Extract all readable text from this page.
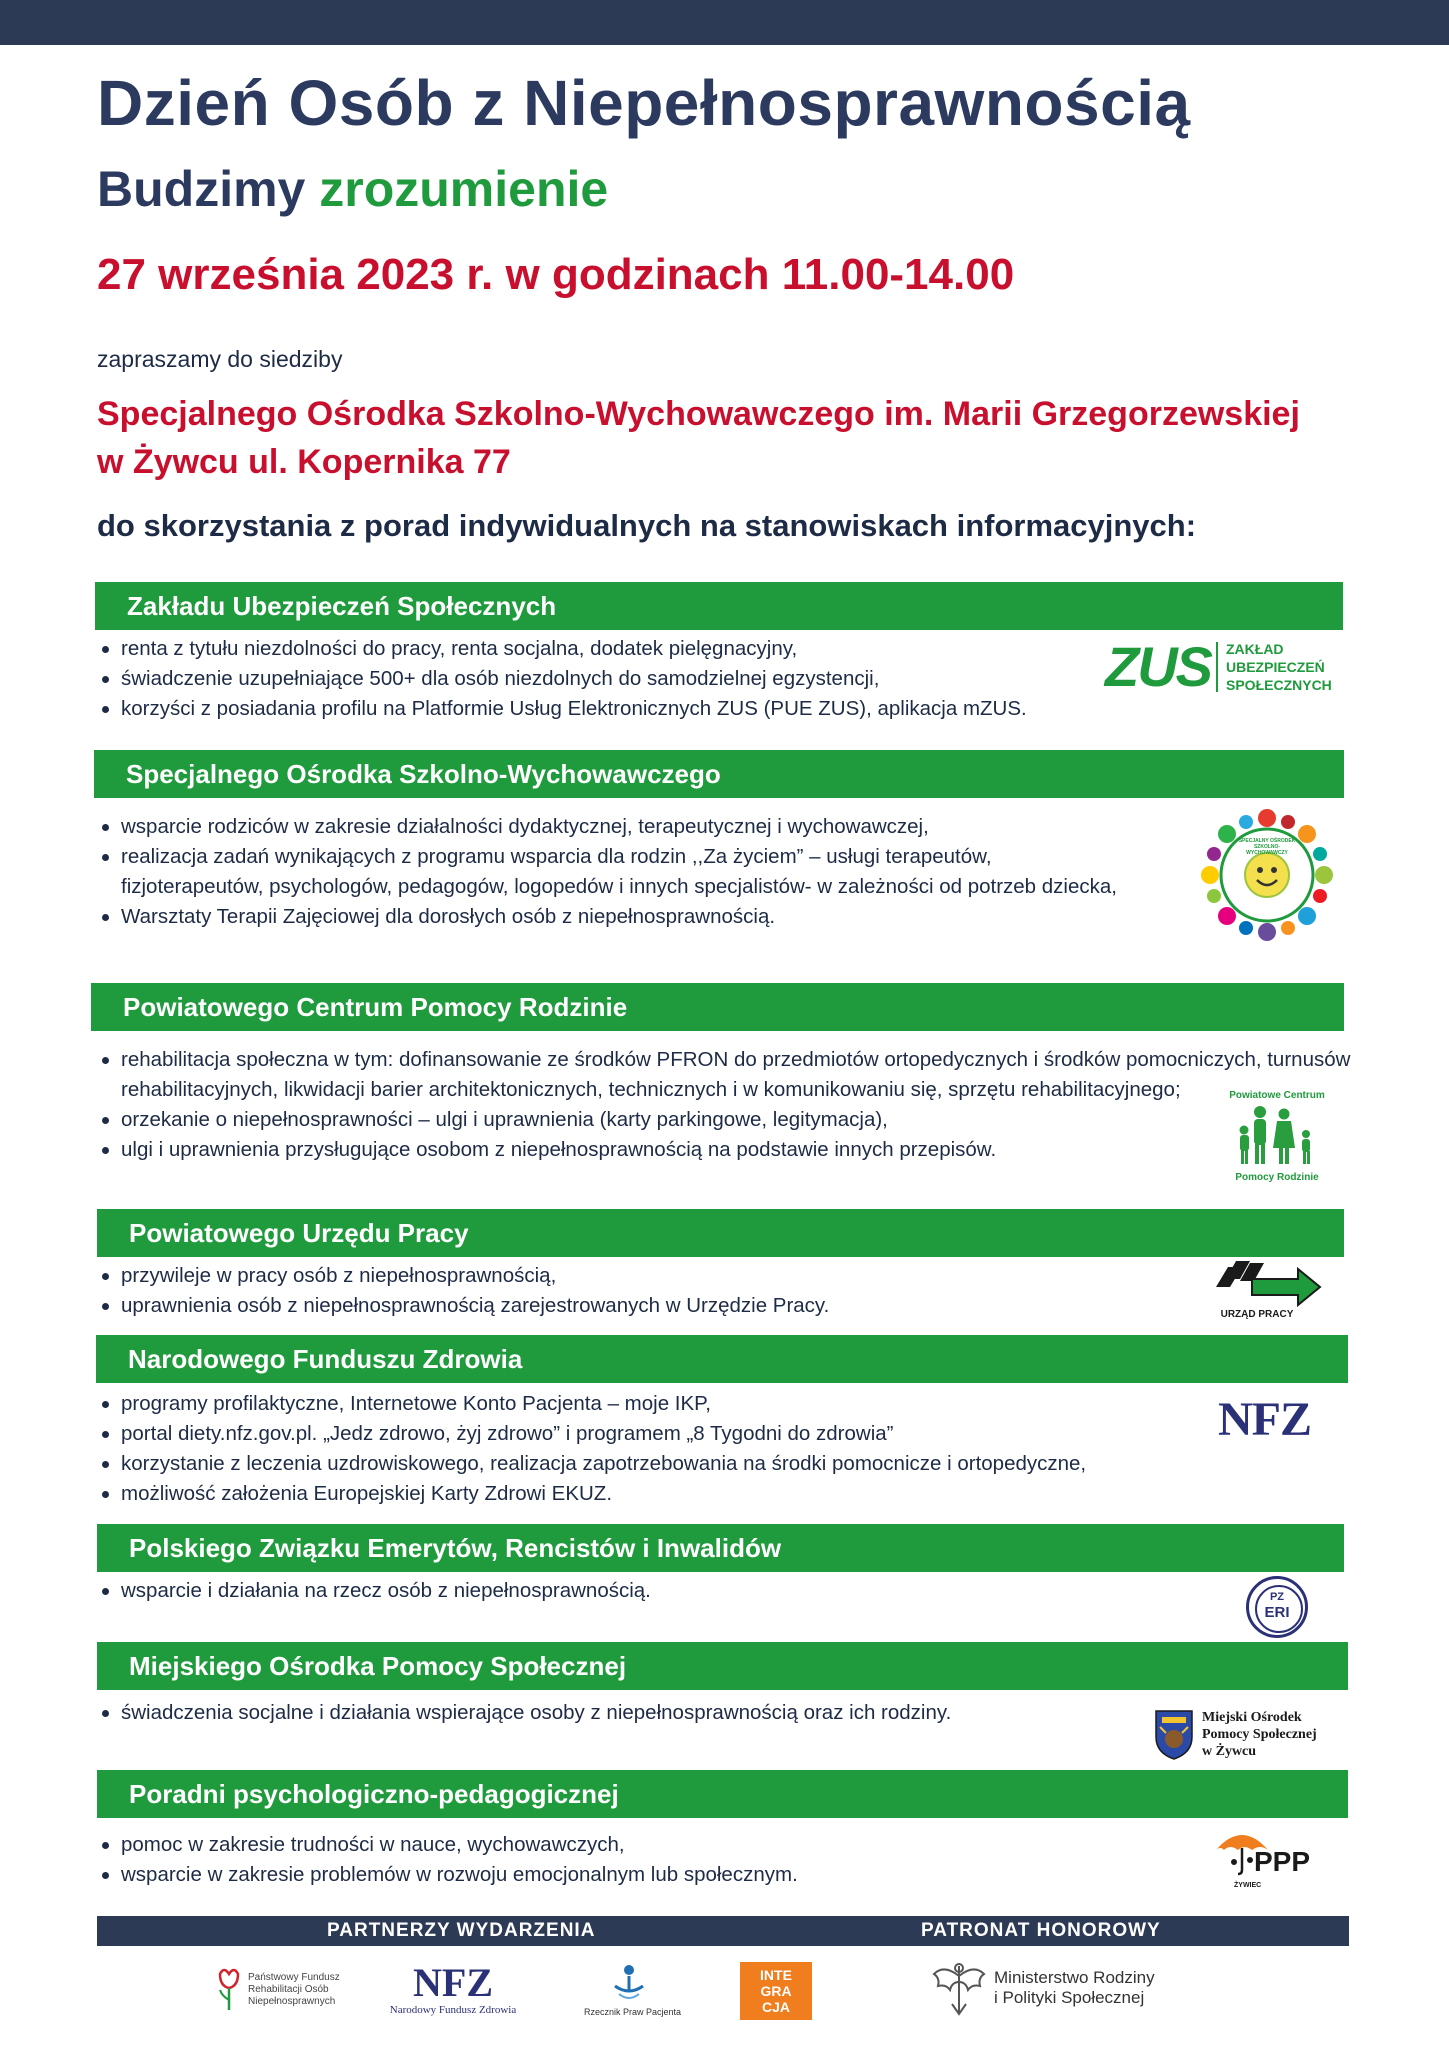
Dzień Osób z Niepełnosprawnością
Budzimy zrozumienie
27 września 2023 r. w godzinach 11.00-14.00
zapraszamy do siedziby
Specjalnego Ośrodka Szkolno-Wychowawczego im. Marii Grzegorzewskiej
w Żywcu ul. Kopernika 77
do skorzystania z porad indywidualnych na stanowiskach informacyjnych:
Zakładu Ubezpieczeń Społecznych
renta z tytułu niezdolności do pracy, renta socjalna, dodatek pielęgnacyjny,
świadczenie uzupełniające 500+ dla osób niezdolnych do samodzielnej egzystencji,
korzyści z posiadania profilu na Platformie Usług Elektronicznych ZUS (PUE ZUS), aplikacja mZUS.
ZUS ZAKŁAD
UBEZPIECZEŃ
SPOŁECZNYCH
Specjalnego Ośrodka Szkolno-Wychowawczego
wsparcie rodziców w zakresie działalności dydaktycznej, terapeutycznej i wychowawczej,
realizacja zadań wynikających z programu wsparcia dla rodzin ,,Za życiem” – usługi terapeutów, fizjoterapeutów, psychologów, pedagogów, logopedów i innych specjalistów- w zależności od potrzeb dziecka,
Warsztaty Terapii Zajęciowej dla dorosłych osób z niepełnosprawnością.
SPECJALNY OŚRODEK SZKOLNO-WYCHOWAWCZY
Powiatowego Centrum Pomocy Rodzinie
rehabilitacja społeczna w tym: dofinansowanie ze środków PFRON do przedmiotów ortopedycznych i środków pomocniczych, turnusów rehabilitacyjnych, likwidacji barier architektonicznych, technicznych i w komunikowaniu się, sprzętu rehabilitacyjnego;
orzekanie o niepełnosprawności – ulgi i uprawnienia (karty parkingowe, legitymacja),
ulgi i uprawnienia przysługujące osobom z niepełnosprawnością na podstawie innych przepisów.
Powiatowe Centrum
Pomocy Rodzinie
Powiatowego Urzędu Pracy
przywileje w pracy osób z niepełnosprawnością,
uprawnienia osób z niepełnosprawnością zarejestrowanych w Urzędzie Pracy.	URZĄD PRACY
Narodowego Funduszu Zdrowia
programy profilaktyczne, Internetowe Konto Pacjenta – moje IKP,
portal diety.nfz.gov.pl. „Jedz zdrowo, żyj zdrowo” i programem „8 Tygodni do zdrowia”
korzystanie z leczenia uzdrowiskowego, realizacja zapotrzebowania na środki pomocnicze i ortopedyczne,
możliwość założenia Europejskiej Karty Zdrowi EKUZ.
NFZ
Polskiego Związku Emerytów, Rencistów i Inwalidów
wsparcie i działania na rzecz osób z niepełnosprawnością.	PZ
ERI
Miejskiego Ośrodka Pomocy Społecznej
świadczenia socjalne i działania wspierające osoby z niepełnosprawnością oraz ich rodziny.	Miejski Ośrodek
Pomocy Społecznej
w Żywcu
Poradni psychologiczno-pedagogicznej
pomoc w zakresie trudności w nauce, wychowawczych,
wsparcie w zakresie problemów w rozwoju emocjonalnym lub społecznym.	PPP
ŻYWIEC
PARTNERZY WYDARZENIA	PATRONAT HONOROWY
Państwowy Fundusz
Rehabilitacji Osób
Niepełnosprawnych	NFZ
Narodowy Fundusz Zdrowia	Rzecznik Praw Pacjenta
INTE
GRA
CJA
Ministerstwo Rodziny
i Polityki Społecznej
